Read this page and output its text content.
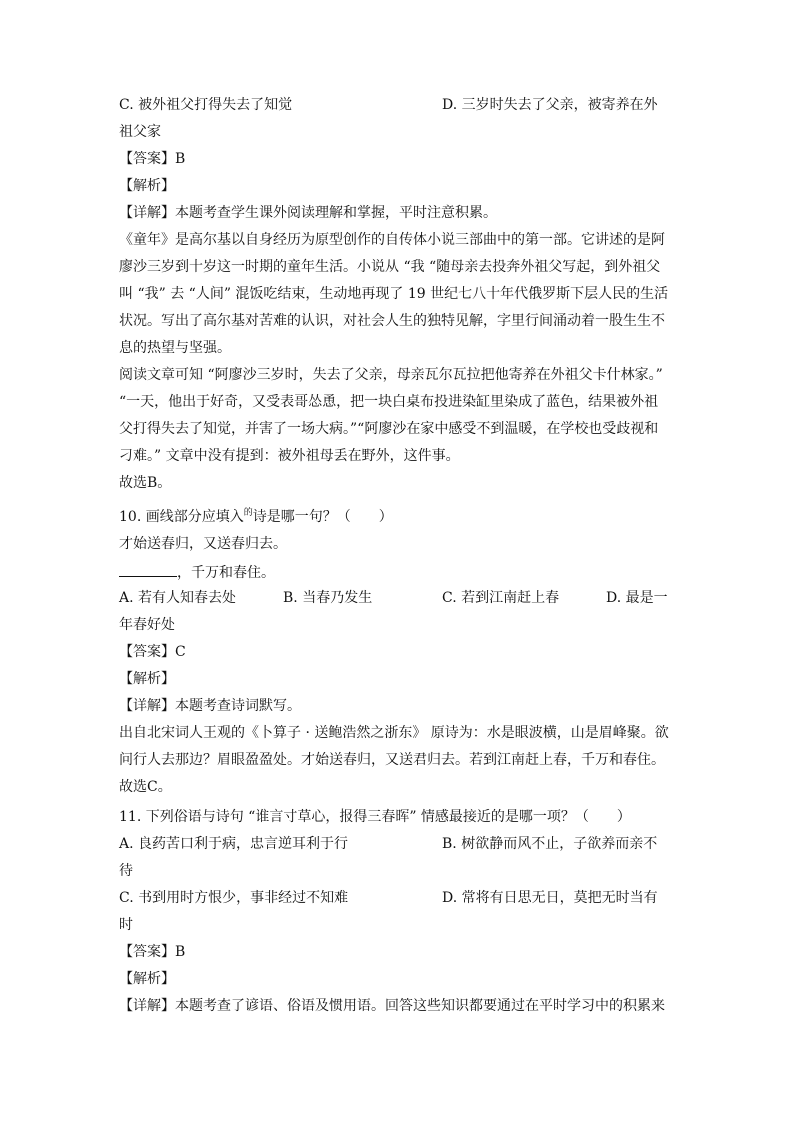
C. 被外祖父打得失去了知觉	D. 三岁时失去了父亲，被寄养在外
祖父家
【答案】B
【解析】
【详解】本题考查学生课外阅读理解和掌握，平时注意积累。
《童年》是高尔基以自身经历为原型创作的自传体小说三部曲中的第一部。它讲述的是阿
廖沙三岁到十岁这一时期的童年生活。小说从 “我 “随母亲去投奔外祖父写起，到外祖父
叫 “我” 去 “人间” 混饭吃结束，生动地再现了 19 世纪七八十年代俄罗斯下层人民的生活
状况。写出了高尔基对苦难的认识，对社会人生的独特见解，字里行间涌动着一股生生不
息的热望与坚强。
阅读文章可知 “阿廖沙三岁时，失去了父亲，母亲瓦尔瓦拉把他寄养在外祖父卡什林家。”
“一天，他出于好奇，又受表哥怂恿，把一块白桌布投进染缸里染成了蓝色，结果被外祖
父打得失去了知觉，并害了一场大病。”“阿廖沙在家中感受不到温暖，在学校也受歧视和
刁难。” 文章中没有提到：被外祖母丢在野外，这件事。
故选B。
10. 画线部分应填入$^的$诗是哪一句？（　　）
才始送春归，又送春归去。
，千万和春住。
A. 若有人知春去处	B. 当春乃发生	C. 若到江南赶上春	D. 最是一
年春好处
【答案】C
【解析】
【详解】本题考查诗词默写。
出自北宋词人王观的《卜算子 · 送鲍浩然之浙东》 原诗为：水是眼波横，山是眉峰聚。欲
问行人去那边？眉眼盈盈处。才始送春归，又送君归去。若到江南赶上春，千万和春住。
故选C。
11. 下列俗语与诗句 “谁言寸草心，报得三春晖” 情感最接近的是哪一项？（　　）
A. 良药苦口利于病，忠言逆耳利于行	B. 树欲静而风不止，子欲养而亲不
待
C. 书到用时方恨少，事非经过不知难	D. 常将有日思无日，莫把无时当有
时
【答案】B
【解析】
【详解】本题考查了谚语、俗语及惯用语。回答这些知识都要通过在平时学习中的积累来
